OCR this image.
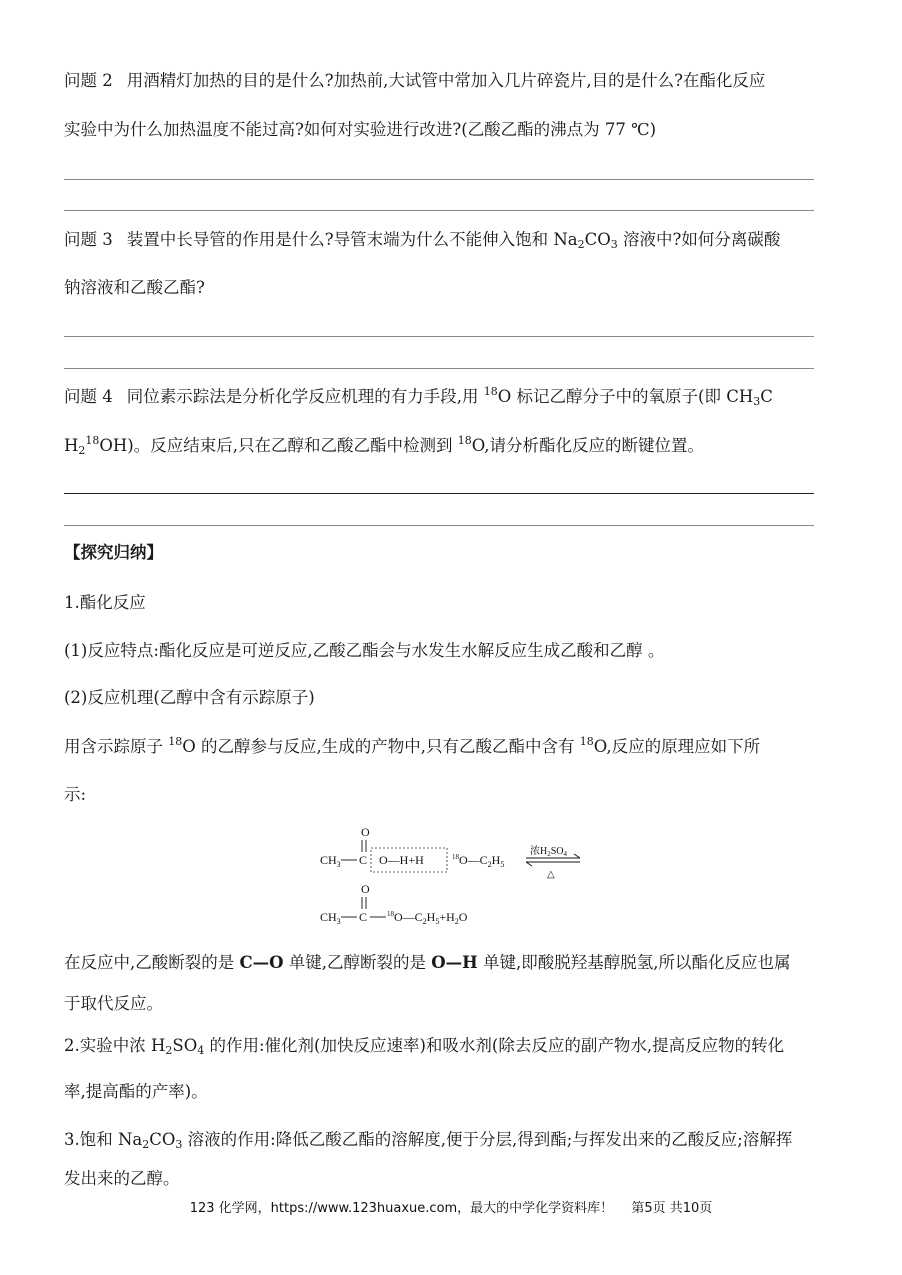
问题 2 用酒精灯加热的目的是什么?加热前,大试管中常加入几片碎瓷片,目的是什么?在酯化反应
实验中为什么加热温度不能过高?如何对实验进行改进?(乙酸乙酯的沸点为 77 ℃)
问题 3 装置中长导管的作用是什么?导管末端为什么不能伸入饱和 $Na_2CO_3$ 溶液中?如何分离碳酸
钠溶液和乙酸乙酯?
问题 4 同位素示踪法是分析化学反应机理的有力手段,用 $^{18}$O 标记乙醇分子中的氧原子(即 $CH_3C$
$H_2^{18}OH$)。反应结束后,只在乙醇和乙酸乙酯中检测到 $^{18}$O,请分析酯化反应的断键位置。
【探究归纳】
1.酯化反应
(1)反应特点:酯化反应是可逆反应,乙酸乙酯会与水发生水解反应生成乙酸和乙醇 。
(2)反应机理(乙醇中含有示踪原子)
用含示踪原子 $^{18}$O 的乙醇参与反应,生成的产物中,只有乙酸乙酯中含有 $^{18}$O,反应的原理应如下所
示:
O
$CH_3$ C O—H+H	$^{18}O—C_2H_5$
浓$H_2SO_4$
△
O
$CH_3$ C	$^{18}O—C_2H_5+H_2O$
在反应中,乙酸断裂的是 C—O 单键,乙醇断裂的是 O—H 单键,即酸脱羟基醇脱氢,所以酯化反应也属
于取代反应。
2.实验中浓 $H_2SO_4$ 的作用:催化剂(加快反应速率)和吸水剂(除去反应的副产物水,提高反应物的转化
率,提高酯的产率)。
3.饱和 $Na_2CO_3$ 溶液的作用:降低乙酸乙酯的溶解度,便于分层,得到酯;与挥发出来的乙酸反应;溶解挥
发出来的乙醇。
123 化学网，https://www.123huaxue.com，最大的中学化学资料库！ 第5页 共10页
